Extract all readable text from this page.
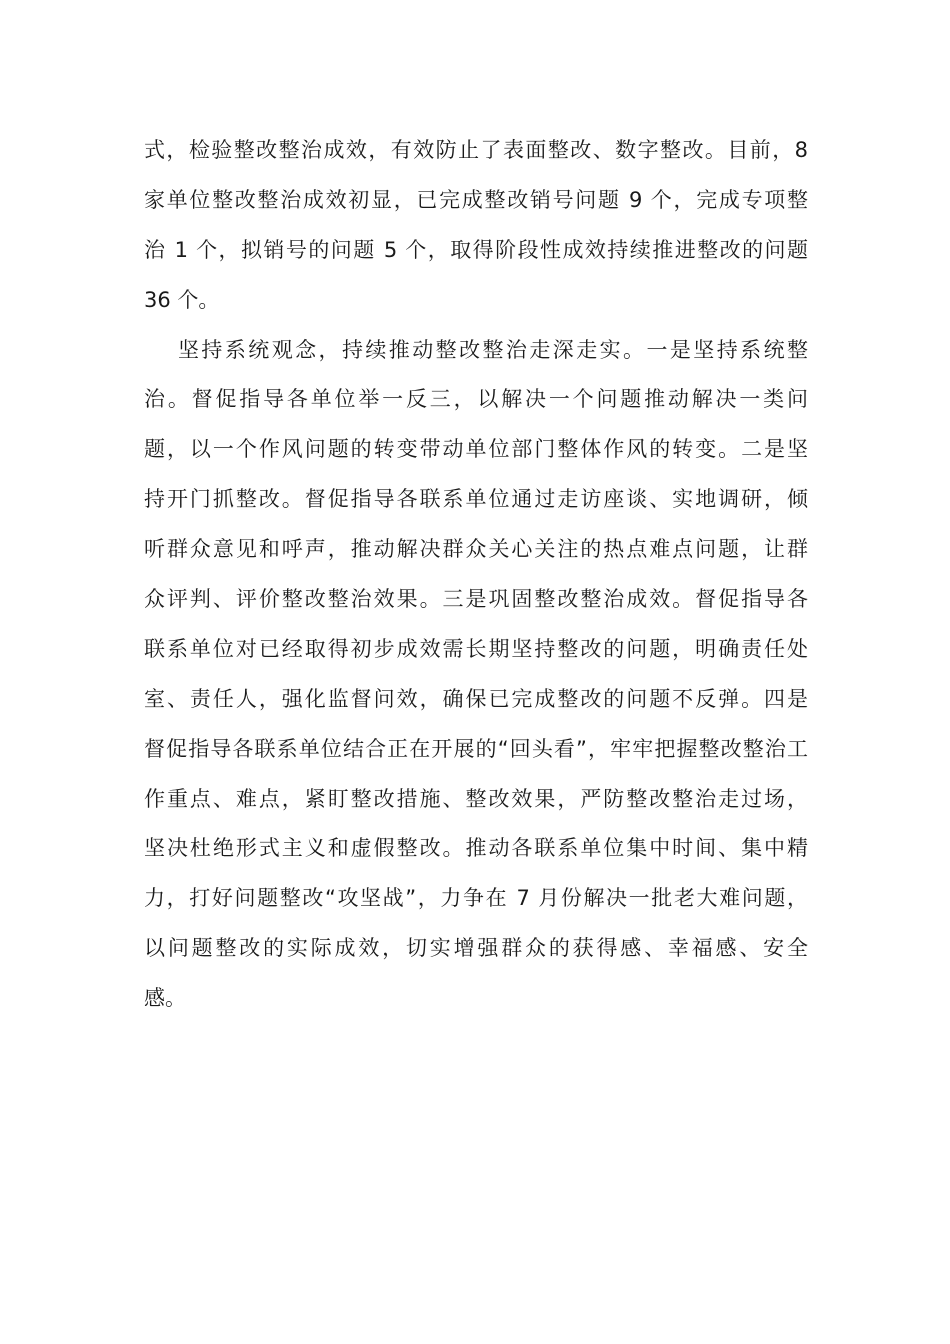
式，检验整改整治成效，有效防止了表面整改、数字整改。目前，8
家单位整改整治成效初显，已完成整改销号问题 9 个，完成专项整
治 1 个，拟销号的问题 5 个，取得阶段性成效持续推进整改的问题
36 个。
坚持系统观念，持续推动整改整治走深走实。一是坚持系统整
治。督促指导各单位举一反三，以解决一个问题推动解决一类问
题，以一个作风问题的转变带动单位部门整体作风的转变。二是坚
持开门抓整改。督促指导各联系单位通过走访座谈、实地调研，倾
听群众意见和呼声，推动解决群众关心关注的热点难点问题，让群
众评判、评价整改整治效果。三是巩固整改整治成效。督促指导各
联系单位对已经取得初步成效需长期坚持整改的问题，明确责任处
室、责任人，强化监督问效，确保已完成整改的问题不反弹。四是
督促指导各联系单位结合正在开展的“回头看”，牢牢把握整改整治工
作重点、难点，紧盯整改措施、整改效果，严防整改整治走过场，
坚决杜绝形式主义和虚假整改。推动各联系单位集中时间、集中精
力，打好问题整改“攻坚战”，力争在 7 月份解决一批老大难问题，
以问题整改的实际成效，切实增强群众的获得感、幸福感、安全
感。
